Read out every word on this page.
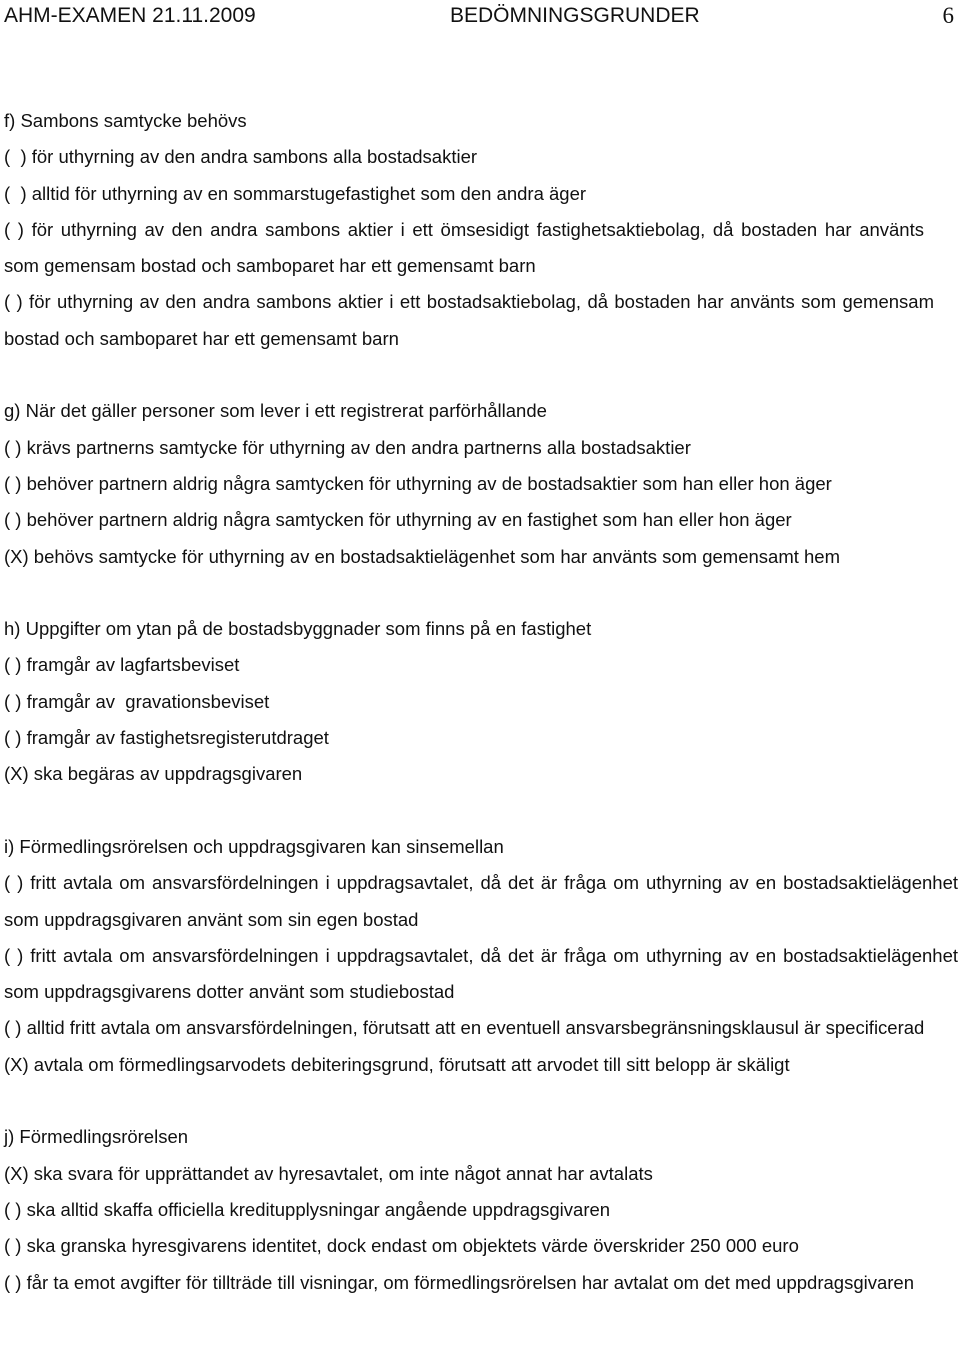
AHM-EXAMEN 21.11.2009	BEDÖMNINGSGRUNDER	6
f) Sambons samtycke behövs
(  ) för uthyrning av den andra sambons alla bostadsaktier
(  ) alltid för uthyrning av en sommarstugefastighet som den andra äger
( ) för uthyrning av den andra sambons aktier i ett ömsesidigt fastighetsaktiebolag, då bostaden har använts som gemensam bostad och samboparet har ett gemensamt barn
( ) för uthyrning av den andra sambons aktier i ett bostadsaktiebolag, då bostaden har använts som gemensam bostad och samboparet har ett gemensamt barn
g) När det gäller personer som lever i ett registrerat parförhållande
( ) krävs partnerns samtycke för uthyrning av den andra partnerns alla bostadsaktier
( ) behöver partnern aldrig några samtycken för uthyrning av de bostadsaktier som han eller hon äger
( ) behöver partnern aldrig några samtycken för uthyrning av en fastighet som han eller hon äger
(X) behövs samtycke för uthyrning av en bostadsaktielägenhet som har använts som gemensamt hem
h) Uppgifter om ytan på de bostadsbyggnader som finns på en fastighet
( ) framgår av lagfartsbeviset
( ) framgår av  gravationsbeviset
( ) framgår av fastighetsregisterutdraget
(X) ska begäras av uppdragsgivaren
i) Förmedlingsrörelsen och uppdragsgivaren kan sinsemellan
( ) fritt avtala om ansvarsfördelningen i uppdragsavtalet, då det är fråga om uthyrning av en bostadsaktielägenhet som uppdragsgivaren använt som sin egen bostad
( ) fritt avtala om ansvarsfördelningen i uppdragsavtalet, då det är fråga om uthyrning av en bostadsaktielägenhet som uppdragsgivarens dotter använt som studiebostad
( ) alltid fritt avtala om ansvarsfördelningen, förutsatt att en eventuell ansvarsbegränsningsklausul är specificerad
(X) avtala om förmedlingsarvodets debiteringsgrund, förutsatt att arvodet till sitt belopp är skäligt
j) Förmedlingsrörelsen
(X) ska svara för upprättandet av hyresavtalet, om inte något annat har avtalats
( ) ska alltid skaffa officiella kreditupplysningar angående uppdragsgivaren
( ) ska granska hyresgivarens identitet, dock endast om objektets värde överskrider 250 000 euro
( ) får ta emot avgifter för tillträde till visningar, om förmedlingsrörelsen har avtalat om det med uppdragsgivaren
